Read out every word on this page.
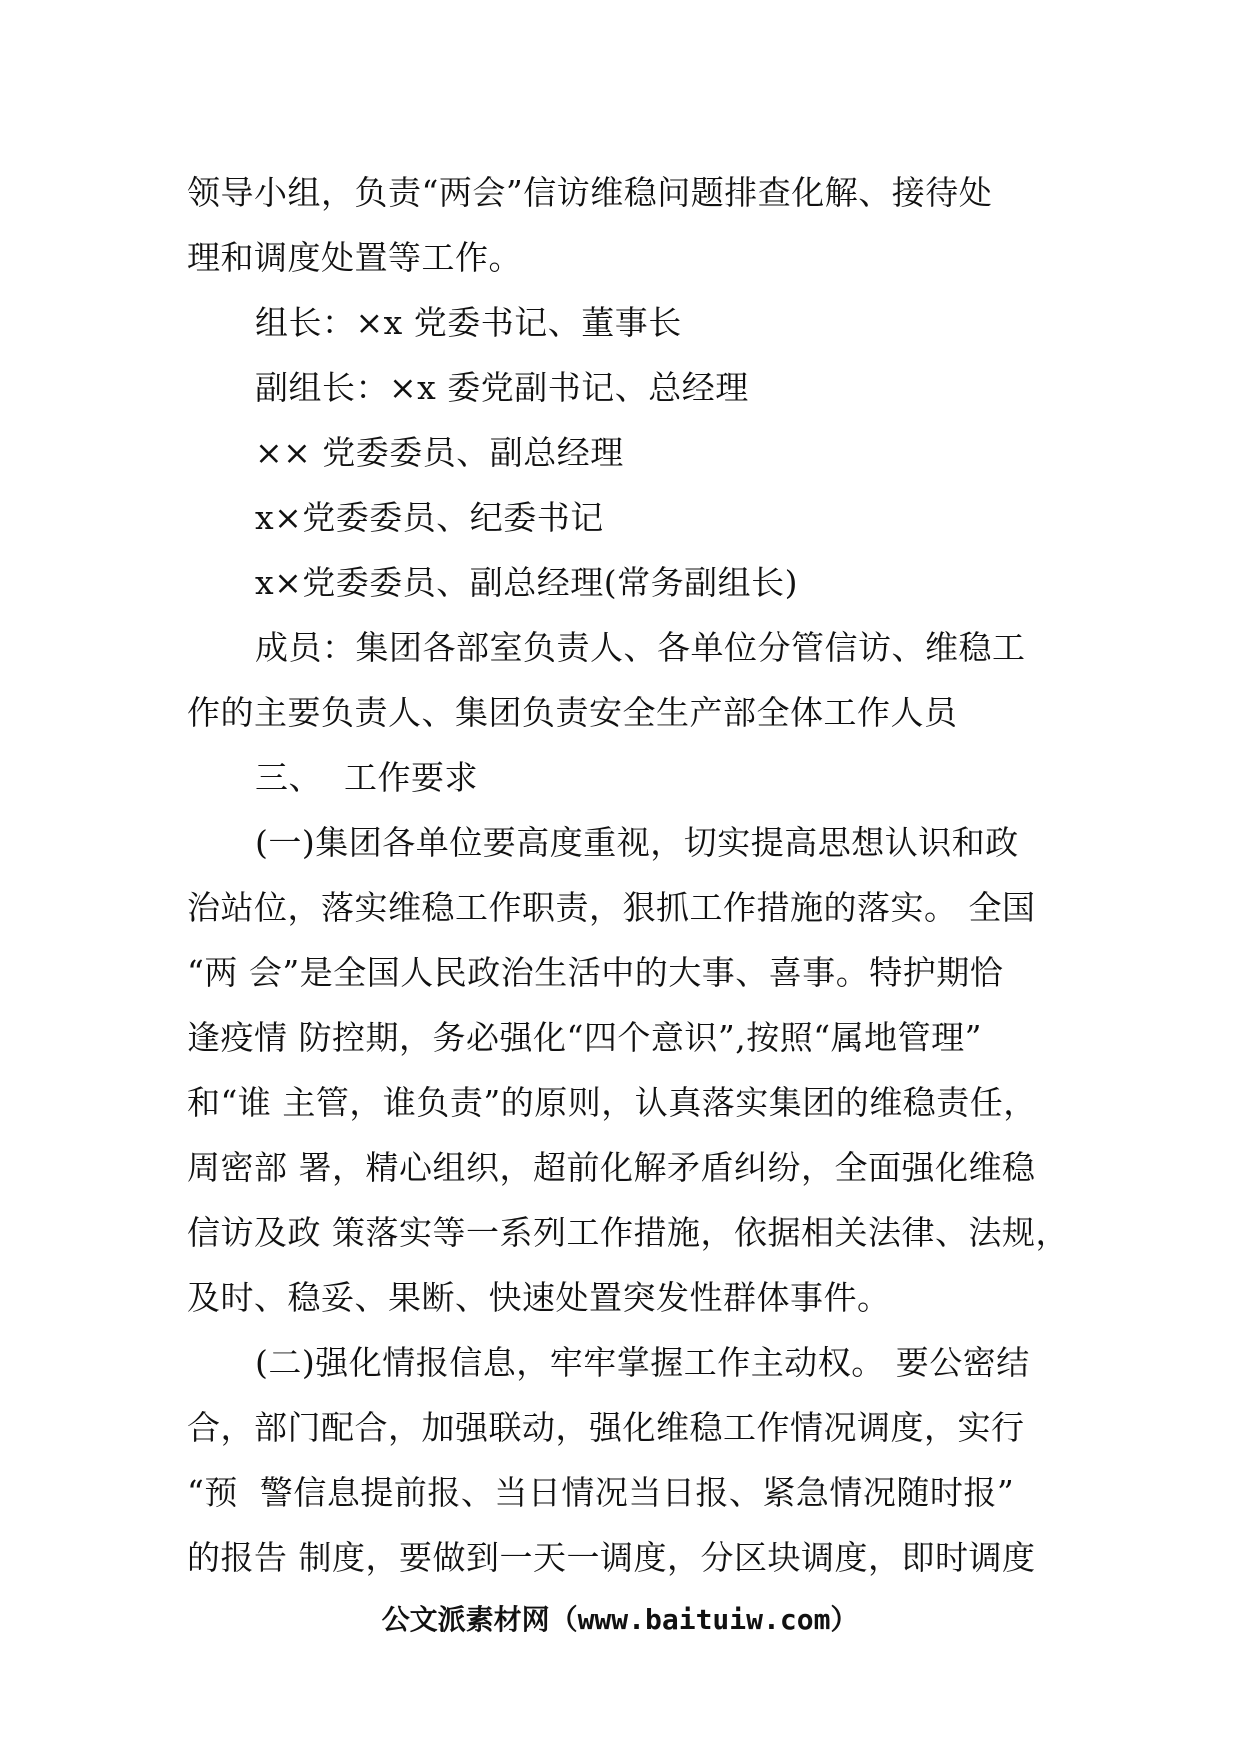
领导小组，负责“两会”信访维稳问题排查化解、接待处
理和调度处置等工作。
组长：×x 党委书记、董事长
副组长：×x 委党副书记、总经理
×× 党委委员、副总经理
x×党委委员、纪委书记
x×党委委员、副总经理(常务副组长)
成员：集团各部室负责人、各单位分管信访、维稳工
作的主要负责人、集团负责安全生产部全体工作人员
三、  工作要求
(一)集团各单位要高度重视，切实提高思想认识和政
治站位，落实维稳工作职责，狠抓工作措施的落实。 全国
“两 会”是全国人民政治生活中的大事、喜事。特护期恰
逢疫情 防控期，务必强化“四个意识”,按照“属地管理”
和“谁 主管，谁负责”的原则，认真落实集团的维稳责任，
周密部 署，精心组织，超前化解矛盾纠纷，全面强化维稳
信访及政 策落实等一系列工作措施，依据相关法律、法规，
及时、稳妥、果断、快速处置突发性群体事件。
(二)强化情报信息，牢牢掌握工作主动权。 要公密结
合，部门配合，加强联动，强化维稳工作情况调度，实行
“预  警信息提前报、当日情况当日报、紧急情况随时报”
的报告 制度，要做到一天一调度，分区块调度，即时调度
公文派素材网（www.baituiw.com）
